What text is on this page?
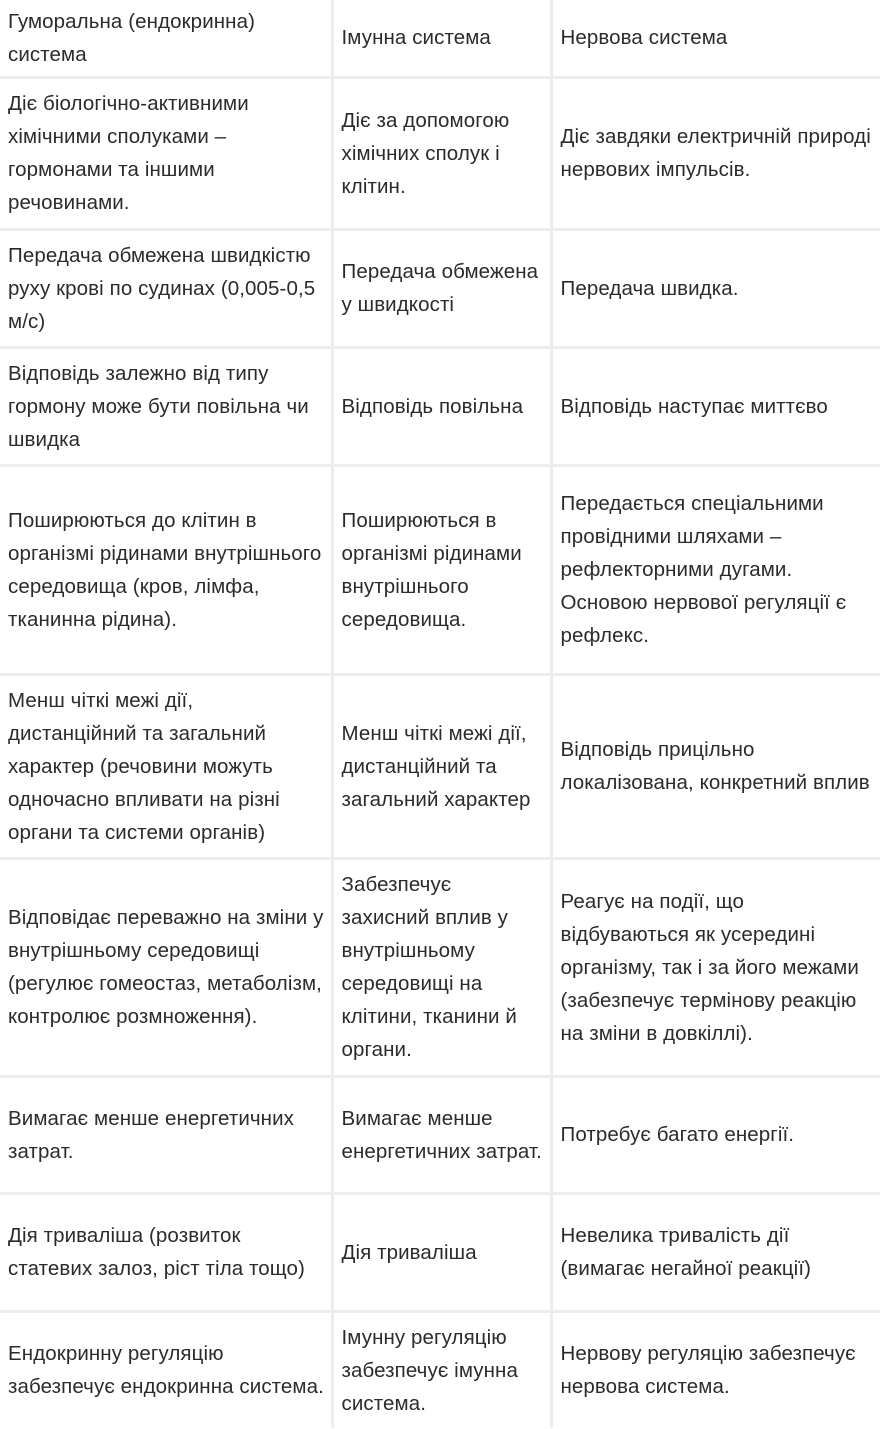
Гуморальна (ендокринна) система	Імунна система	Нервова система
Діє біологічно-активними хімічними сполуками – гормонами та іншими речовинами.	Діє за допомогою хімічних сполук і клітин.	Діє завдяки електричній природі нервових імпульсів.
Передача обмежена швидкістю руху крові по судинах (0,005-0,5 м/с)	Передача обмежена у швидкості	Передача швидка.
Відповідь залежно від типу гормону може бути повільна чи швидка	Відповідь повільна	Відповідь наступає миттєво
Поширюються до клітин в організмі рідинами внутрішнього середовища (кров, лімфа, тканинна рідина).	Поширюються в організмі рідинами внутрішнього середовища.	Передається спеціальними провідними шляхами – рефлекторними дугами. Основою нервової регуляції є рефлекс.
Менш чіткі межі дії, дистанційний та загальний характер (речовини можуть одночасно впливати на різні органи та системи органів)	Менш чіткі межі дії, дистанційний та загальний характер	Відповідь прицільно локалізована, конкретний вплив
Відповідає переважно на зміни у внутрішньому середовищі (регулює гомеостаз, метаболізм, контролює розмноження).	Забезпечує захисний вплив у внутрішньому середовищі на клітини, тканини й органи.	Реагує на події, що відбуваються як усередині організму, так і за його межами (забезпечує термінову реакцію на зміни в довкіллі).
Вимагає менше енергетичних затрат.	Вимагає менше енергетичних затрат.	Потребує багато енергії.
Дія триваліша (розвиток статевих залоз, ріст тіла тощо)	Дія триваліша	Невелика тривалість дії (вимагає негайної реакції)
Ендокринну регуляцію забезпечує ендокринна система.	Імунну регуляцію забезпечує імунна система.	Нервову регуляцію забезпечує нервова система.
